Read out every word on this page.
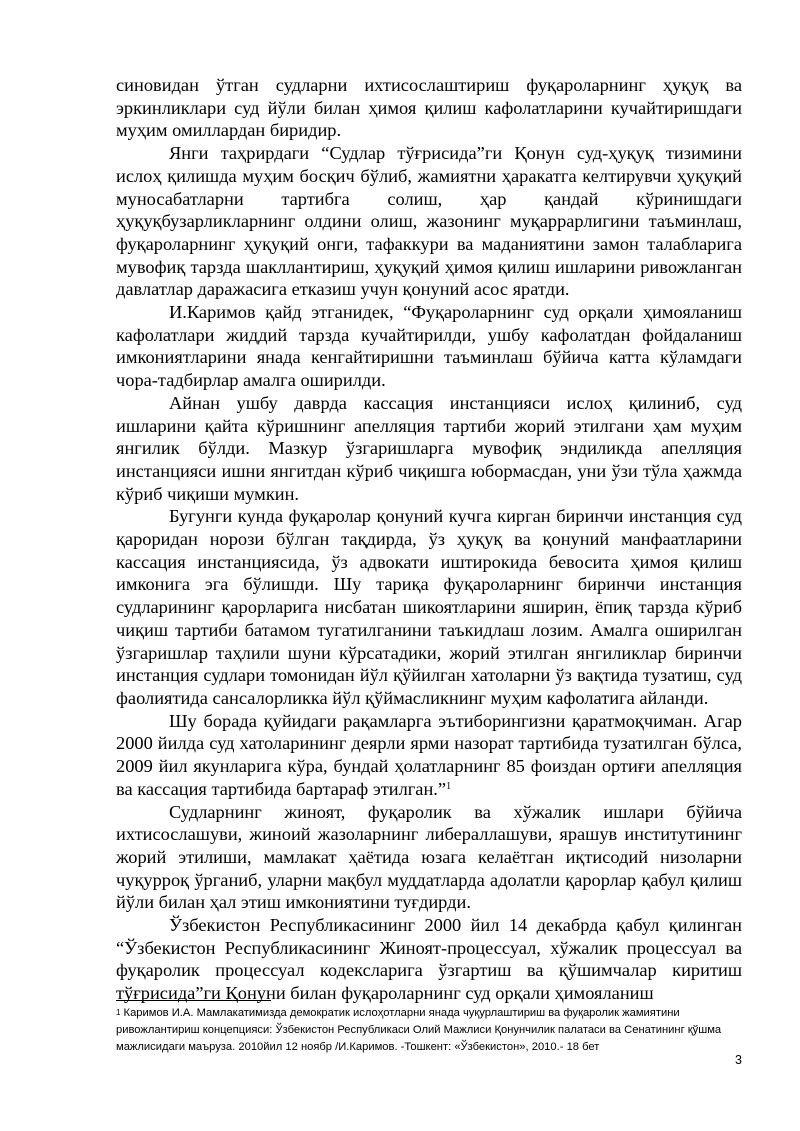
синовидан ўтган судларни ихтисослаштириш фуқароларнинг ҳуқуқ ва эркинликлари суд йўли билан ҳимоя қилиш кафолатларини кучайтиришдаги муҳим омиллардан биридир.

Янги таҳрирдаги “Судлар тўғрисида”ги Қонун суд-ҳуқуқ тизимини ислоҳ қилишда муҳим босқич бўлиб, жамиятни ҳаракатга келтирувчи ҳуқуқий муносабатларни тартибга солиш, ҳар қандай кўринишдаги ҳуқуқбузарликларнинг олдини олиш, жазонинг муқаррарлигини таъминлаш, фуқароларнинг ҳуқуқий онги, тафаккури ва маданиятини замон талабларига мувофиқ тарзда шакллантириш, ҳуқуқий ҳимоя қилиш ишларини ривожланган давлатлар даражасига етказиш учун қонуний асос яратди.

И.Каримов қайд этганидек, “Фуқароларнинг суд орқали ҳимояланиш кафолатлари жиддий тарзда кучайтирилди, ушбу кафолатдан фойдаланиш имкониятларини янада кенгайтиришни таъминлаш бўйича катта кўламдаги чора-тадбирлар амалга оширилди.

Айнан ушбу даврда кассация инстанцияси ислоҳ қилиниб, суд ишларини қайта кўришнинг апелляция тартиби жорий этилгани ҳам муҳим янгилик бўлди. Мазкур ўзгаришларга мувофиқ эндиликда апелляция инстанцияси ишни янгитдан кўриб чиқишга юбормасдан, уни ўзи тўла ҳажмда кўриб чиқиши мумкин.

Бугунги кунда фуқаролар қонуний кучга кирган биринчи инстанция суд қароридан норози бўлган тақдирда, ўз ҳуқуқ ва қонуний манфаатларини кассация инстанциясида, ўз адвокати иштирокида бевосита ҳимоя қилиш имконига эга бўлишди. Шу тариқа фуқароларнинг биринчи инстанция судларининг қарорларига нисбатан шикоятларини яширин, ёпиқ тарзда кўриб чиқиш тартиби батамом тугатилганини таъкидлаш лозим. Амалга оширилган ўзгаришлар таҳлили шуни кўрсатадики, жорий этилган янгиликлар биринчи инстанция судлари томонидан йўл қўйилган хатоларни ўз вақтида тузатиш, суд фаолиятида сансалорликка йўл қўймасликнинг муҳим кафолатига айланди.

Шу борада қуйидаги рақамларга эътиборингизни қаратмоқчиман. Агар 2000 йилда суд хатоларининг деярли ярми назорат тартибида тузатилган бўлса, 2009 йил якунларига кўра, бундай ҳолатларнинг 85 фоиздан ортиғи апелляция ва кассация тартибида бартараф этилган.”$^1$

Судларнинг жиноят, фуқаролик ва хўжалик ишлари бўйича ихтисослашуви, жиноий жазоларнинг либераллашуви, ярашув институтининг жорий этилиши, мамлакат ҳаётида юзага келаётган иқтисодий низоларни чуқурроқ ўрганиб, уларни мақбул муддатларда адолатли қарорлар қабул қилиш йўли билан ҳал этиш имкониятини туғдирди.

Ўзбекистон Республикасининг 2000 йил 14 декабрда қабул қилинган “Ўзбекистон Республикасининг Жиноят-процессуал, хўжалик процессуал ва фуқаролик процессуал кодексларига ўзгартиш ва қўшимчалар киритиш тўғрисида”ги Қонуни билан фуқароларнинг суд орқали ҳимояланиш

$^1$ Каримов И.А. Мамлакатимизда демократик ислоҳотларни янада чуқурлаштириш ва фуқаролик жамиятини ривожлантириш концепцияси: Ўзбекистон Республикаси Олий Мажлиси Қонунчилик палатаси ва Сенатининг қўшма мажлисидаги маъруза. 2010йил 12 ноябр /И.Каримов. -Тошкент: «Ўзбекистон», 2010.- 18 бет

3
